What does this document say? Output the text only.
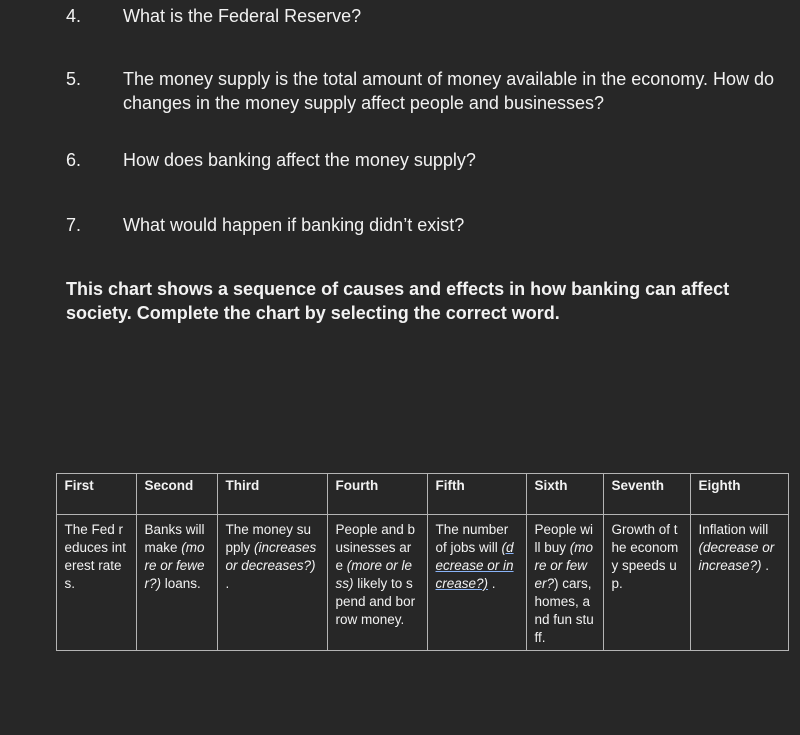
4. What is the Federal Reserve?
5. The money supply is the total amount of money available in the economy. How do changes in the money supply affect people and businesses?
6. How does banking affect the money supply?
7. What would happen if banking didn’t exist?
This chart shows a sequence of causes and effects in how banking can affect society. Complete the chart by selecting the correct word.
	First	Second	Third	Fourth	Fifth	Sixth	Seventh	Eighth	
	The Fed reduces interest rates.	Banks will make (more or fewer?) loans.	The money supply (increases or decreases?) .	People and businesses are (more or less) likely to spend and borrow money.	The number of jobs will (decrease or increase?) .	People will buy (more or fewer?) cars, homes, and fun stuff.	Growth of the economy speeds up.	Inflation will (decrease or increase?) .	
